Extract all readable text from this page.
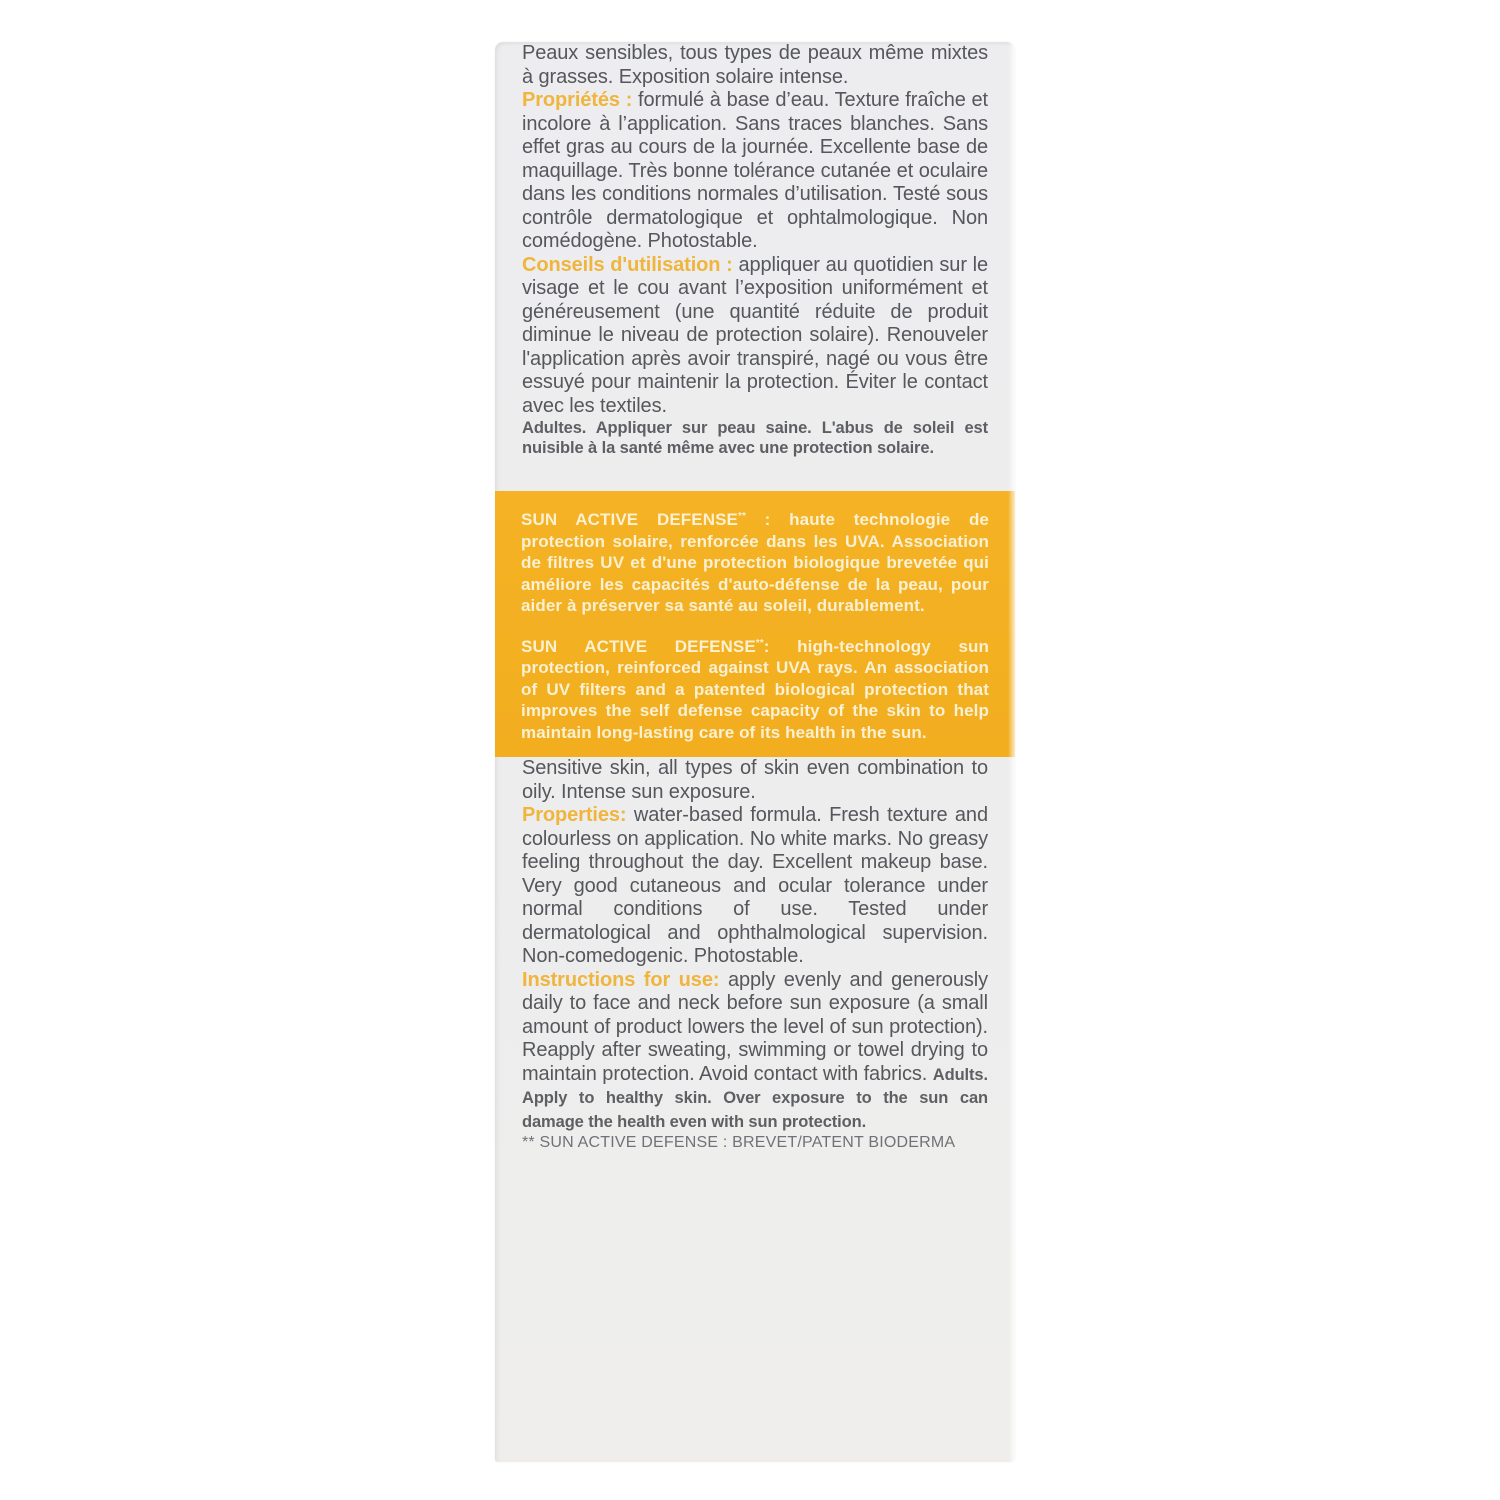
Peaux sensibles, tous types de peaux même mixtes à grasses. Exposition solaire intense.

Propriétés : formulé à base d’eau. Texture fraîche et incolore à l’application. Sans traces blanches. Sans effet gras au cours de la journée. Excellente base de maquillage. Très bonne tolérance cutanée et oculaire dans les conditions normales d’utilisation. Testé sous contrôle dermatologique et ophtalmologique. Non comédogène. Photostable.

Conseils d'utilisation : appliquer au quotidien sur le visage et le cou avant l’exposition uniformément et généreusement (une quantité réduite de produit diminue le niveau de protection solaire). Renouveler l'application après avoir transpiré, nagé ou vous être essuyé pour maintenir la protection. Éviter le contact avec les textiles.
Adultes. Appliquer sur peau saine. L'abus de soleil est nuisible à la santé même avec une protection solaire.

SUN ACTIVE DEFENSE** : haute technologie de protection solaire, renforcée dans les UVA. Association de filtres UV et d'une protection biologique brevetée qui améliore les capacités d'auto-défense de la peau, pour aider à préserver sa santé au soleil, durablement.

SUN ACTIVE DEFENSE**: high-technology sun protection, reinforced against UVA rays. An association of UV filters and a patented biological protection that improves the self defense capacity of the skin to help maintain long-lasting care of its health in the sun.

Sensitive skin, all types of skin even combination to oily. Intense sun exposure.

Properties: water-based formula. Fresh texture and colourless on application. No white marks. No greasy feeling throughout the day. Excellent makeup base. Very good cutaneous and ocular tolerance under normal conditions of use. Tested under dermatological and ophthalmological supervision. Non-comedogenic. Photostable.

Instructions for use: apply evenly and generously daily to face and neck before sun exposure (a small amount of product lowers the level of sun protection). Reapply after sweating, swimming or towel drying to maintain protection. Avoid contact with fabrics. Adults. Apply to healthy skin. Over exposure to the sun can damage the health even with sun protection.

** SUN ACTIVE DEFENSE : BREVET/PATENT BIODERMA
